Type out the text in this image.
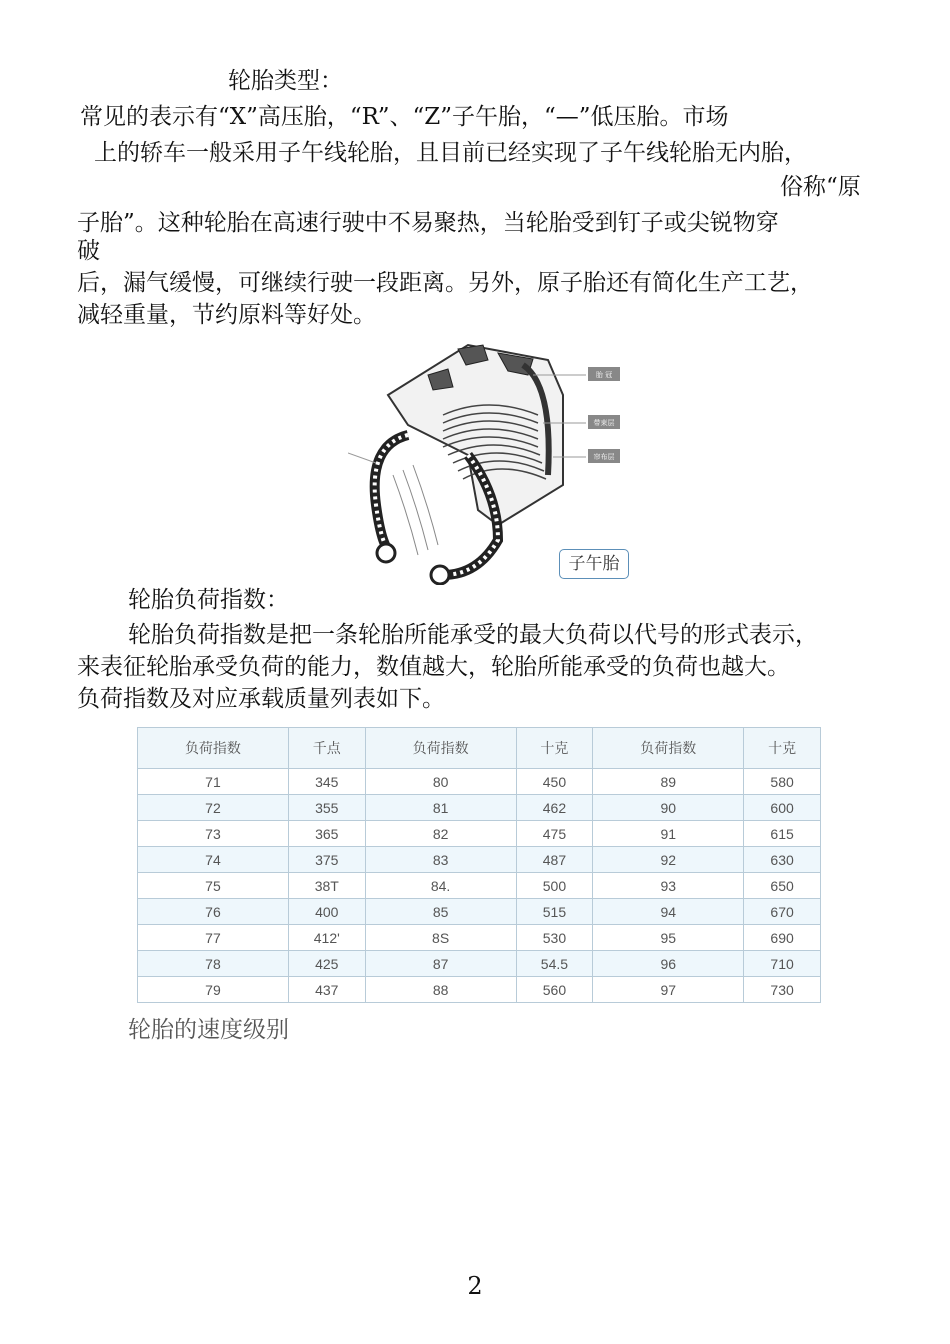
轮胎类型：
常见的表示有“X”高压胎，“R”、“Z”子午胎，“—”低压胎。市场
上的轿车一般采用子午线轮胎，且目前已经实现了子午线轮胎无内胎，
俗称“原
子胎”。这种轮胎在高速行驶中不易聚热，当轮胎受到钉子或尖锐物穿
破
后，漏气缓慢，可继续行驶一段距离。另外，原子胎还有简化生产工艺，
减轻重量，节约原料等好处。
胎 冠
带束层
帘布层
子午胎
轮胎负荷指数：
轮胎负荷指数是把一条轮胎所能承受的最大负荷以代号的形式表示，
来表征轮胎承受负荷的能力，数值越大，轮胎所能承受的负荷也越大。
负荷指数及对应承载质量列表如下。
负荷指数	千点	负荷指数	十克	负荷指数	十克
71	345	80	450	89	580
72	355	81	462	90	600
73	365	82	475	91	615
74	375	83	487	92	630
75	38T	84.	500	93	650
76	400	85	515	94	670
77	412'	8S	530	95	690
78	425	87	54.5	96	710
79	437	88	560	97	730
轮胎的速度级别
2
